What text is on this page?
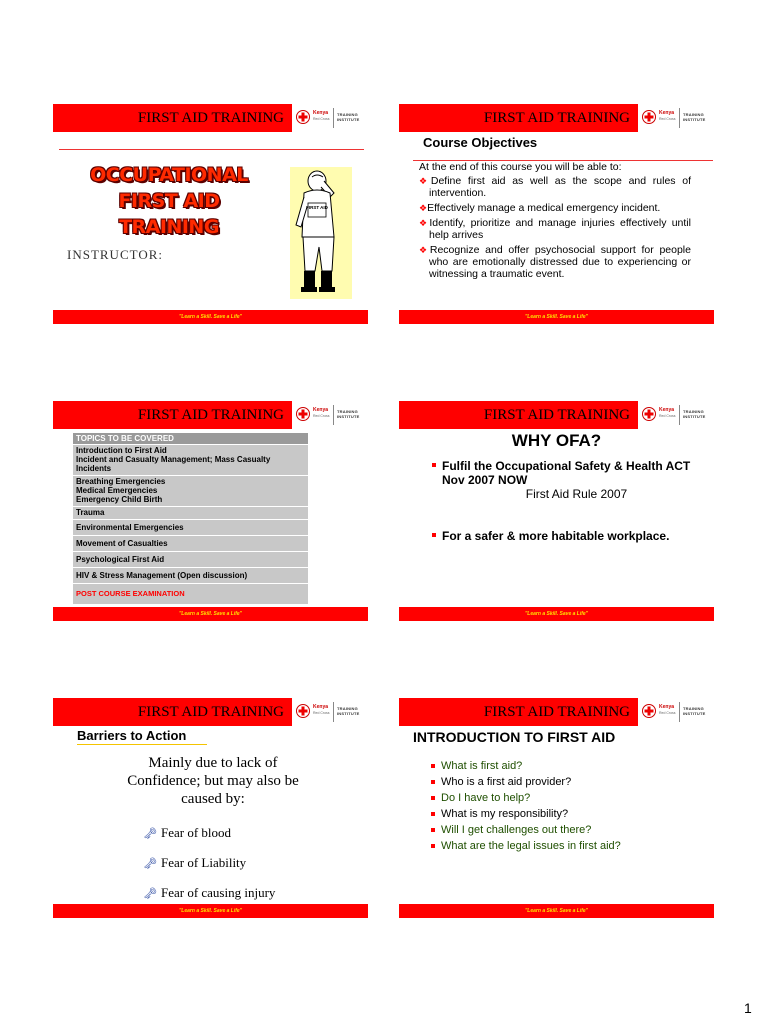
FIRST AID TRAINING	Kenya
Red Cross
TRAINING INSTITUTE
OCCUPATIONAL
FIRST AID TRAINING
INSTRUCTOR:
FIRST AID
"Learn a Skill. Save a Life"
FIRST AID TRAINING	Kenya
Red Cross
TRAINING INSTITUTE
Course Objectives
At the end of this course you will be able to:
❖Define first aid as well as the scope and rules of intervention.
❖Effectively manage a medical emergency incident.
❖Identify, prioritize and manage injuries effectively until help arrives
❖Recognize and offer psychosocial support for people who are emotionally distressed due to experiencing or witnessing a traumatic event.
"Learn a Skill. Save a Life"
FIRST AID TRAINING	Kenya
Red Cross
TRAINING INSTITUTE
TOPICS TO BE COVERED

Introduction to First Aid
Incident and Casualty Management; Mass Casualty Incidents

Breathing Emergencies
Medical Emergencies
Emergency Child Birth

Trauma
Environmental Emergencies
Movement of Casualties
Psychological First Aid
HIV & Stress Management (Open discussion)
POST COURSE EXAMINATION
"Learn a Skill. Save a Life"
FIRST AID TRAINING	Kenya
Red Cross
TRAINING INSTITUTE
WHY OFA?
Fulfil the Occupational Safety & Health ACT Nov 2007 NOW
First Aid Rule 2007
For a safer & more habitable workplace.
"Learn a Skill. Save a Life"
FIRST AID TRAINING	Kenya
Red Cross
TRAINING INSTITUTE
Barriers to Action
Mainly due to lack of Confidence; but may also be caused by:
🗝 Fear of blood
🗝 Fear of Liability
🗝 Fear of causing injury
"Learn a Skill. Save a Life"
FIRST AID TRAINING	Kenya
Red Cross
TRAINING INSTITUTE
INTRODUCTION TO FIRST AID
What is first aid?
Who is a first aid provider?
Do I have to help?
What is my responsibility?
Will I get challenges out there?
What are the legal issues in first aid?
"Learn a Skill. Save a Life"
1
